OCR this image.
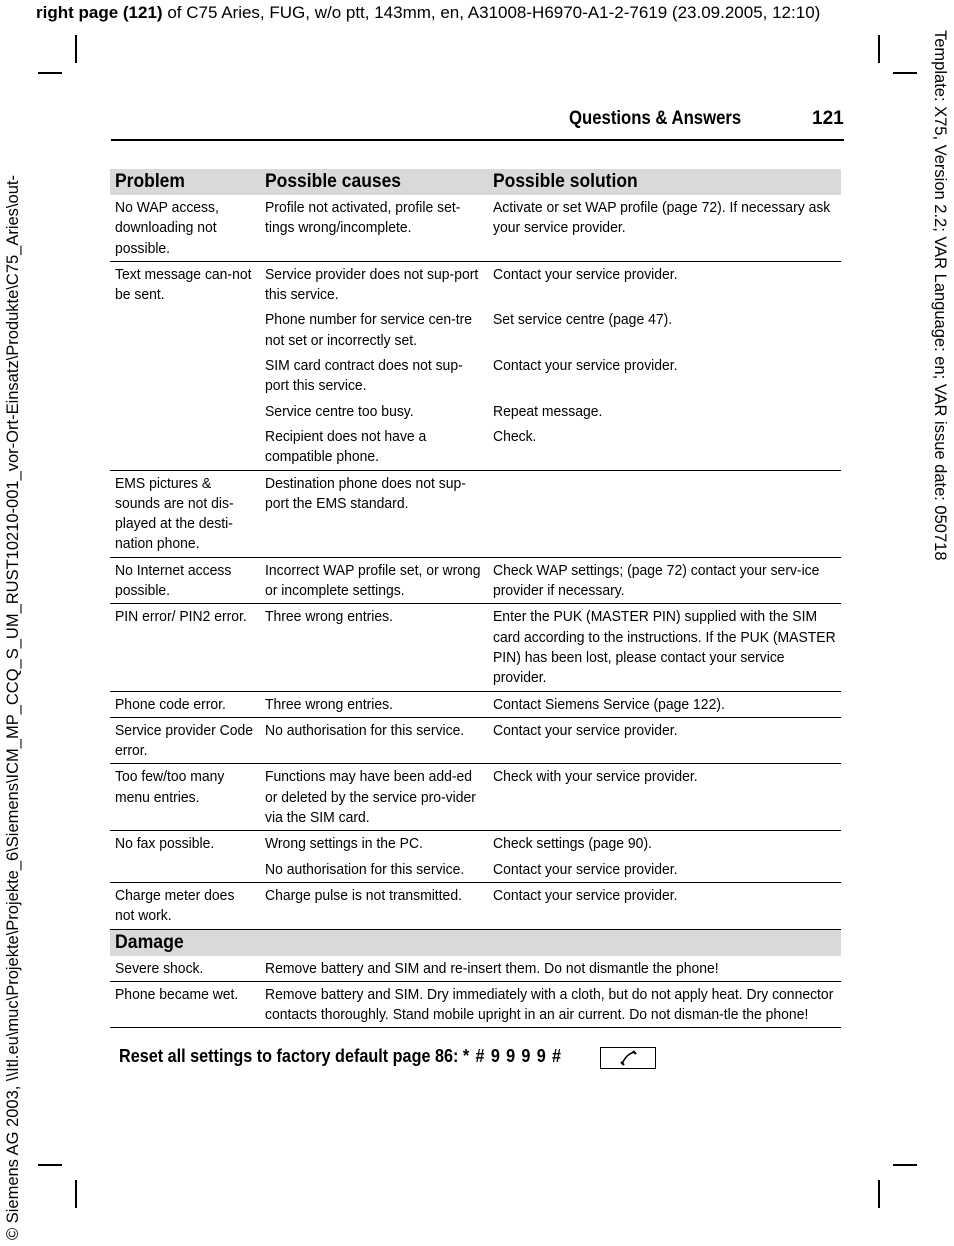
right page (121) of C75 Aries, FUG, w/o ptt, 143mm, en, A31008-H6970-A1-2-7619 (23.09.2005, 12:10)
Template: X75, Version 2.2; VAR Language: en; VAR issue date: 050718
© Siemens AG 2003, \\Itl.eu\muc\Projekte\Projekte_6\Siemens\ICM_MP_CCQ_S_UM_RUST10210-001_vor-Ort-Einsatz\Produkte\C75_Aries\out-
Questions & Answers	121
Problem	Possible causes	Possible solution
No WAP access, downloading not possible.	Profile not activated, profile set-tings wrong/incomplete.	Activate or set WAP profile (page 72). If necessary ask your service provider.
Text message can-not be sent.	Service provider does not sup-port this service.	Contact your service provider.
	Phone number for service cen-tre not set or incorrectly set.	Set service centre (page 47).
	SIM card contract does not sup-port this service.	Contact your service provider.
	Service centre too busy.	Repeat message.
	Recipient does not have a compatible phone.	Check.
EMS pictures & sounds are not dis-played at the desti-nation phone.	Destination phone does not sup-port the EMS standard.	
No Internet access possible.	Incorrect WAP profile set, or wrong or incomplete settings.	Check WAP settings; (page 72) contact your serv-ice provider if necessary.
PIN error/ PIN2 error.	Three wrong entries.	Enter the PUK (MASTER PIN) supplied with the SIM card according to the instructions. If the PUK (MASTER PIN) has been lost, please contact your service provider.
Phone code error.	Three wrong entries.	Contact Siemens Service (page 122).
Service provider Code error.	No authorisation for this service.	Contact your service provider.
Too few/too many menu entries.	Functions may have been add-ed or deleted by the service pro-vider via the SIM card.	Check with your service provider.
No fax possible.	Wrong settings in the PC.	Check settings (page 90).
	No authorisation for this service.	Contact your service provider.
Charge meter does not work.	Charge pulse is not transmitted.	Contact your service provider.
Damage		
Severe shock.	Remove battery and SIM and re-insert them. Do not dismantle the phone!	
Phone became wet.	Remove battery and SIM. Dry immediately with a cloth, but do not apply heat. Dry connector contacts thoroughly. Stand mobile upright in an air current. Do not disman-tle the phone!	
Reset all settings to factory default page 86: * # 9 9 9 9 #
